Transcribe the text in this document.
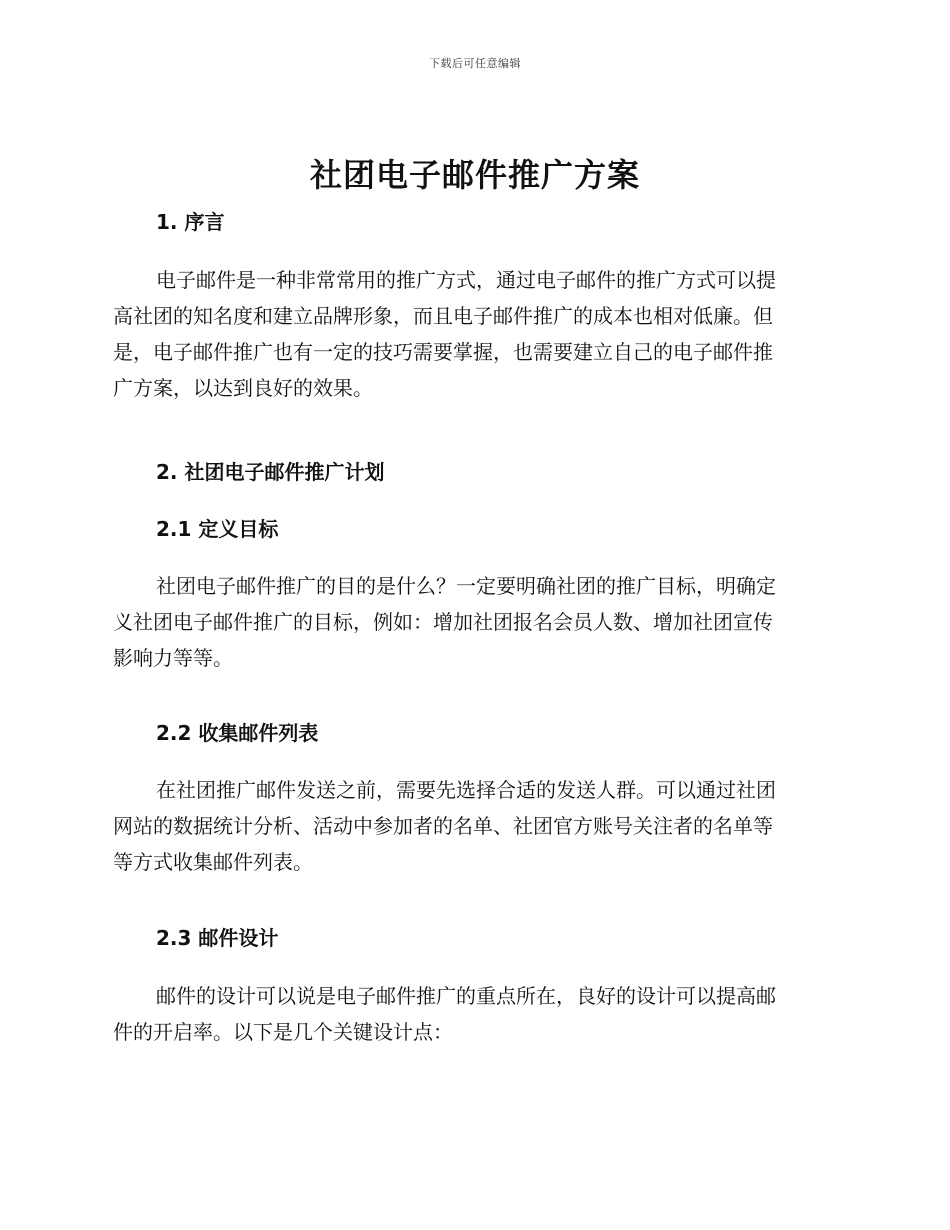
下载后可任意编辑
社团电子邮件推广方案
1. 序言
电子邮件是一种非常常用的推广方式，通过电子邮件的推广方式可以提
高社团的知名度和建立品牌形象，而且电子邮件推广的成本也相对低廉。但
是，电子邮件推广也有一定的技巧需要掌握，也需要建立自己的电子邮件推
广方案，以达到良好的效果。
2. 社团电子邮件推广计划
2.1 定义目标
社团电子邮件推广的目的是什么？一定要明确社团的推广目标，明确定
义社团电子邮件推广的目标，例如：增加社团报名会员人数、增加社团宣传
影响力等等。
2.2 收集邮件列表
在社团推广邮件发送之前，需要先选择合适的发送人群。可以通过社团
网站的数据统计分析、活动中参加者的名单、社团官方账号关注者的名单等
等方式收集邮件列表。
2.3 邮件设计
邮件的设计可以说是电子邮件推广的重点所在，良好的设计可以提高邮
件的开启率。以下是几个关键设计点：
